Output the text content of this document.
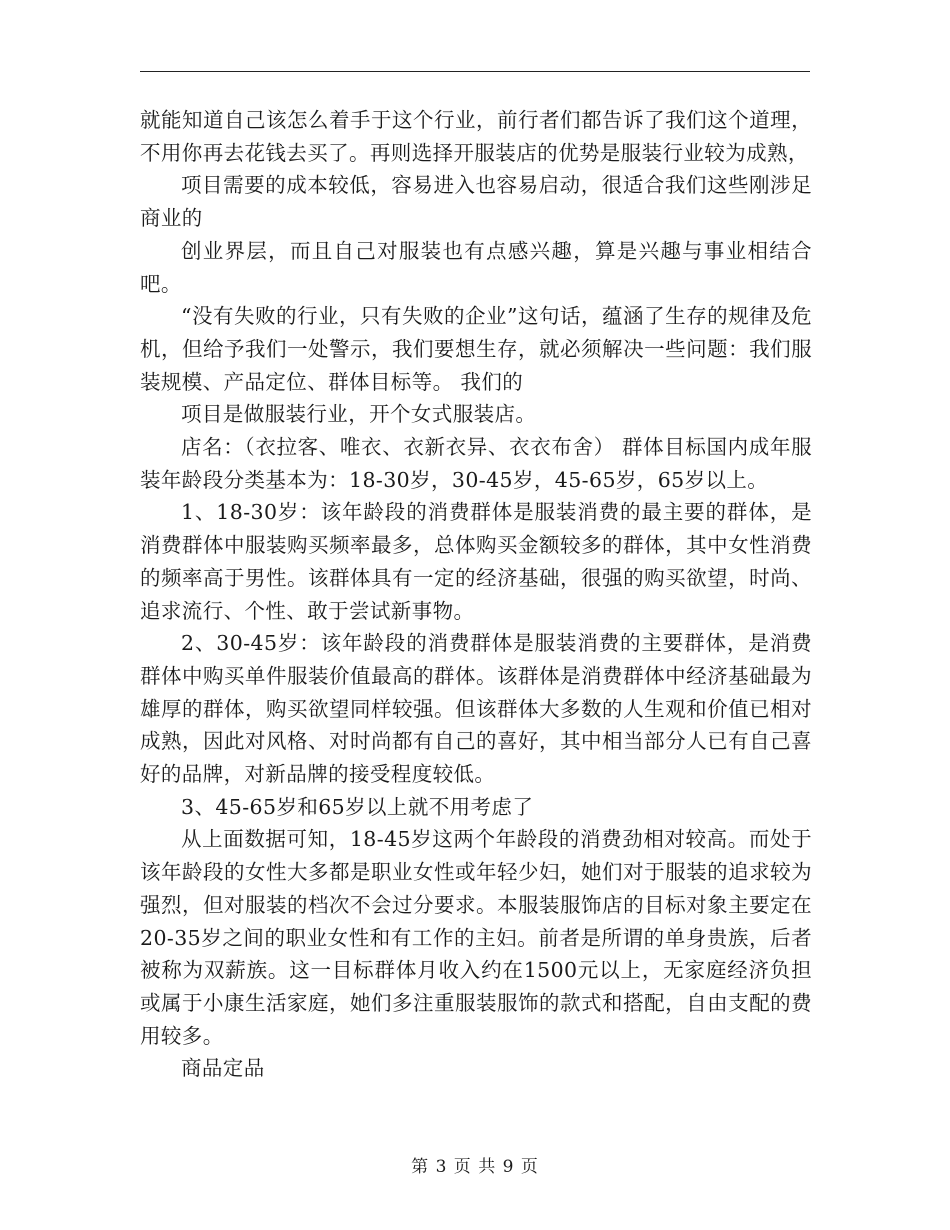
就能知道自己该怎么着手于这个行业，前行者们都告诉了我们这个道理，不用你再去花钱去买了。再则选择开服装店的优势是服装行业较为成熟，

项目需要的成本较低，容易进入也容易启动，很适合我们这些刚涉足商业的

创业界层，而且自己对服装也有点感兴趣，算是兴趣与事业相结合吧。

“没有失败的行业，只有失败的企业”这句话，蕴涵了生存的规律及危机，但给予我们一处警示，我们要想生存，就必须解决一些问题：我们服装规模、产品定位、群体目标等。 我们的

项目是做服装行业，开个女式服装店。

店名：（衣拉客、唯衣、衣新衣异、衣衣布舍） 群体目标国内成年服装年龄段分类基本为：18-30岁，30-45岁，45-65岁，65岁以上。

1、18-30岁：该年龄段的消费群体是服装消费的最主要的群体，是消费群体中服装购买频率最多，总体购买金额较多的群体，其中女性消费的频率高于男性。该群体具有一定的经济基础，很强的购买欲望，时尚、追求流行、个性、敢于尝试新事物。

2、30-45岁：该年龄段的消费群体是服装消费的主要群体，是消费群体中购买单件服装价值最高的群体。该群体是消费群体中经济基础最为雄厚的群体，购买欲望同样较强。但该群体大多数的人生观和价值已相对成熟，因此对风格、对时尚都有自己的喜好，其中相当部分人已有自己喜好的品牌，对新品牌的接受程度较低。

3、45-65岁和65岁以上就不用考虑了

从上面数据可知，18-45岁这两个年龄段的消费劲相对较高。而处于该年龄段的女性大多都是职业女性或年轻少妇，她们对于服装的追求较为强烈，但对服装的档次不会过分要求。本服装服饰店的目标对象主要定在20-35岁之间的职业女性和有工作的主妇。前者是所谓的单身贵族，后者被称为双薪族。这一目标群体月收入约在1500元以上，无家庭经济负担或属于小康生活家庭，她们多注重服装服饰的款式和搭配，自由支配的费用较多。

商品定品

第 3 页 共 9 页
